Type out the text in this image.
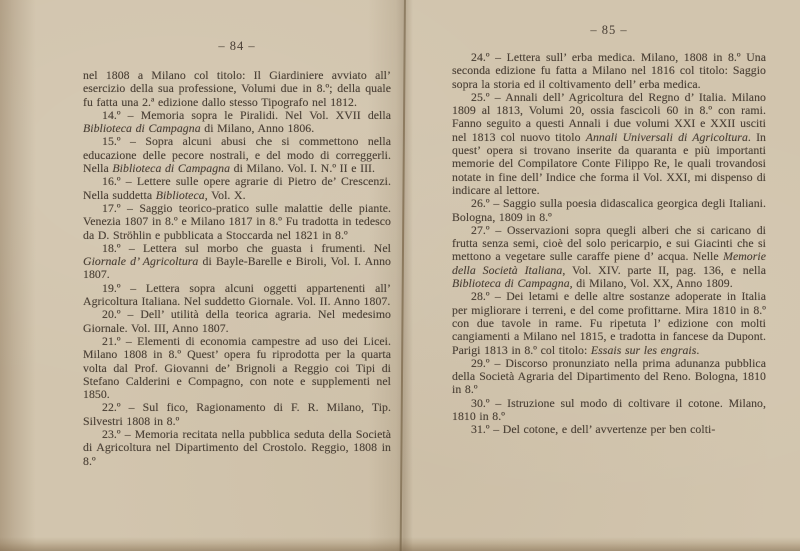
– 84 –

nel 1808 a Milano col titolo: Il Giardiniere avviato all’ esercizio della sua professione, Volumi due in 8.º; della quale fu fatta una 2.ª edizione dallo stesso Tipografo nel 1812.

14.º – Memoria sopra le Piralidi. Nel Vol. XVII della Biblioteca di Campagna di Milano, Anno 1806.

15.º – Sopra alcuni abusi che si commettono nella educazione delle pecore nostrali, e del modo di correggerli. Nella Biblioteca di Campagna di Milano. Vol. I. N.º II e III.

16.º – Lettere sulle opere agrarie di Pietro de’ Crescenzi. Nella suddetta Biblioteca, Vol. X.

17.º – Saggio teorico-pratico sulle malattie delle piante. Venezia 1807 in 8.º e Milano 1817 in 8.º Fu tradotta in tedesco da D. Ströhlin e pubblicata a Stoccarda nel 1821 in 8.º

18.º – Lettera sul morbo che guasta i frumenti. Nel Giornale d’ Agricoltura di Bayle-Barelle e Biroli, Vol. I. Anno 1807.

19.º – Lettera sopra alcuni oggetti appartenenti all’ Agricoltura Italiana. Nel suddetto Giornale. Vol. II. Anno 1807.

20.º – Dell’ utilità della teorica agraria. Nel medesimo Giornale. Vol. III, Anno 1807.

21.º – Elementi di economia campestre ad uso dei Licei. Milano 1808 in 8.º Quest’ opera fu riprodotta per la quarta volta dal Prof. Giovanni de’ Brignoli a Reggio coi Tipi di Stefano Calderini e Compagno, con note e supplementi nel 1850.

22.º – Sul fico, Ragionamento di F. R. Milano, Tip. Silvestri 1808 in 8.º

23.º – Memoria recitata nella pubblica seduta della Società di Agricoltura nel Dipartimento del Crostolo. Reggio, 1808 in 8.º

– 85 –

24.º – Lettera sull’ erba medica. Milano, 1808 in 8.º Una seconda edizione fu fatta a Milano nel 1816 col titolo: Saggio sopra la storia ed il coltivamento dell’ erba medica.

25.º – Annali dell’ Agricoltura del Regno d’ Italia. Milano 1809 al 1813, Volumi 20, ossia fascicoli 60 in 8.º con rami. Fanno seguito a questi Annali i due volumi XXI e XXII usciti nel 1813 col nuovo titolo Annali Universali di Agricoltura. In quest’ opera si trovano inserite da quaranta e più importanti memorie del Compilatore Conte Filippo Re, le quali trovandosi notate in fine dell’ Indice che forma il Vol. XXI, mi dispenso di indicare al lettore.

26.º – Saggio sulla poesia didascalica georgica degli Italiani. Bologna, 1809 in 8.º

27.º – Osservazioni sopra quegli alberi che si caricano di frutta senza semi, cioè del solo pericarpio, e sui Giacinti che si mettono a vegetare sulle caraffe piene d’ acqua. Nelle Memorie della Società Italiana, Vol. XIV. parte II, pag. 136, e nella Biblioteca di Campagna, di Milano, Vol. XX, Anno 1809.

28.º – Dei letami e delle altre sostanze adoperate in Italia per migliorare i terreni, e del come profittarne. Mira 1810 in 8.º con due tavole in rame. Fu ripetuta l’ edizione con molti cangiamenti a Milano nel 1815, e tradotta in fancese da Dupont. Parigi 1813 in 8.º col titolo: Essais sur les engrais.

29.º – Discorso pronunziato nella prima adunanza pubblica della Società Agraria del Dipartimento del Reno. Bologna, 1810 in 8.º

30.º – Istruzione sul modo di coltivare il cotone. Milano, 1810 in 8.º

31.º – Del cotone, e dell’ avvertenze per ben colti-
